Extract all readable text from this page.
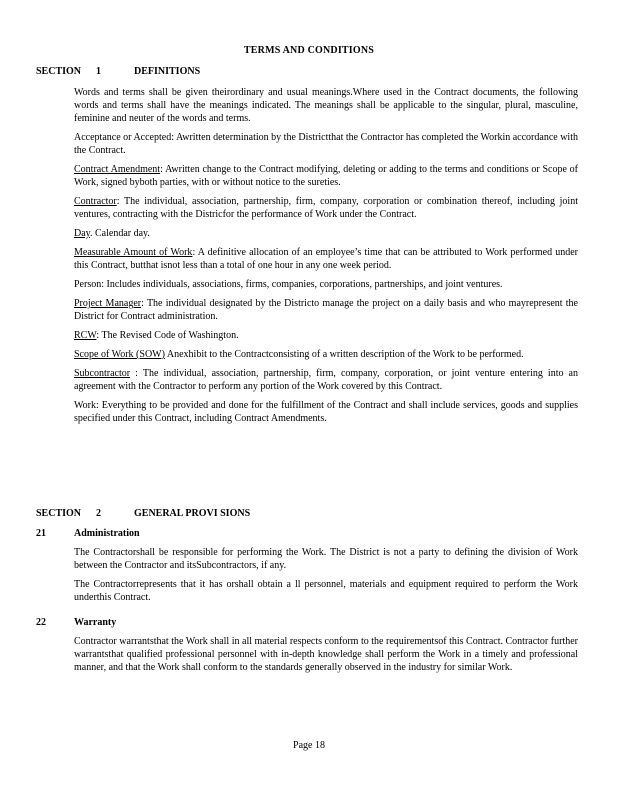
TERMS AND CONDITIONS
SECTION 1	DEFINITIONS

Words and terms shall be given theirordinary and usual meanings.Where used in the Contract documents, the following words and terms shall have the meanings indicated. The meanings shall be applicable to the singular, plural, masculine, feminine and neuter of the words and terms.

Acceptance or Accepted: Awritten determination by the Districtthat the Contractor has completed the Workin accordance with the Contract.

Contract Amendment: Awritten change to the Contract modifying, deleting or adding to the terms and conditions or Scope of Work, signed byboth parties, with or without notice to the sureties.

Contractor: The individual, association, partnership, firm, company, corporation or combination thereof, including joint ventures, contracting with the Districfor the performance of Work under the Contract.

Day. Calendar day.

Measurable Amount of Work: A definitive allocation of an employee’s time that can be attributed to Work performed under this Contract, butthat isnot less than a total of one hour in any one week period.

Person: Includes individuals, associations, firms, companies, corporations, partnerships, and joint ventures.

Project Manager: The individual designated by the Districto manage the project on a daily basis and who mayrepresent the District for Contract administration.

RCW: The Revised Code of Washington.

Scope of Work (SOW) Anexhibit to the Contractconsisting of a written description of the Work to be performed.

Subcontractor : The individual, association, partnership, firm, company, corporation, or joint venture entering into an agreement with the Contractor to perform any portion of the Work covered by this Contract.

Work: Everything to be provided and done for the fulfillment of the Contract and shall include services, goods and supplies specified under this Contract, including Contract Amendments.

SECTION 2	GENERAL PROVI SIONS
21	Administration

The Contractorshall be responsible for performing the Work. The District is not a party to defining the division of Work between the Contractor and itsSubcontractors, if any.

The Contractorrepresents that it has orshall obtain a ll personnel, materials and equipment required to perform the Work underthis Contract.

22	Warranty

Contractor warrantsthat the Work shall in all material respects conform to the requirementsof this Contract. Contractor further warrantsthat qualified professional personnel with in-depth knowledge shall perform the Work in a timely and professional manner, and that the Work shall conform to the standards generally observed in the industry for similar Work.

Page 18
